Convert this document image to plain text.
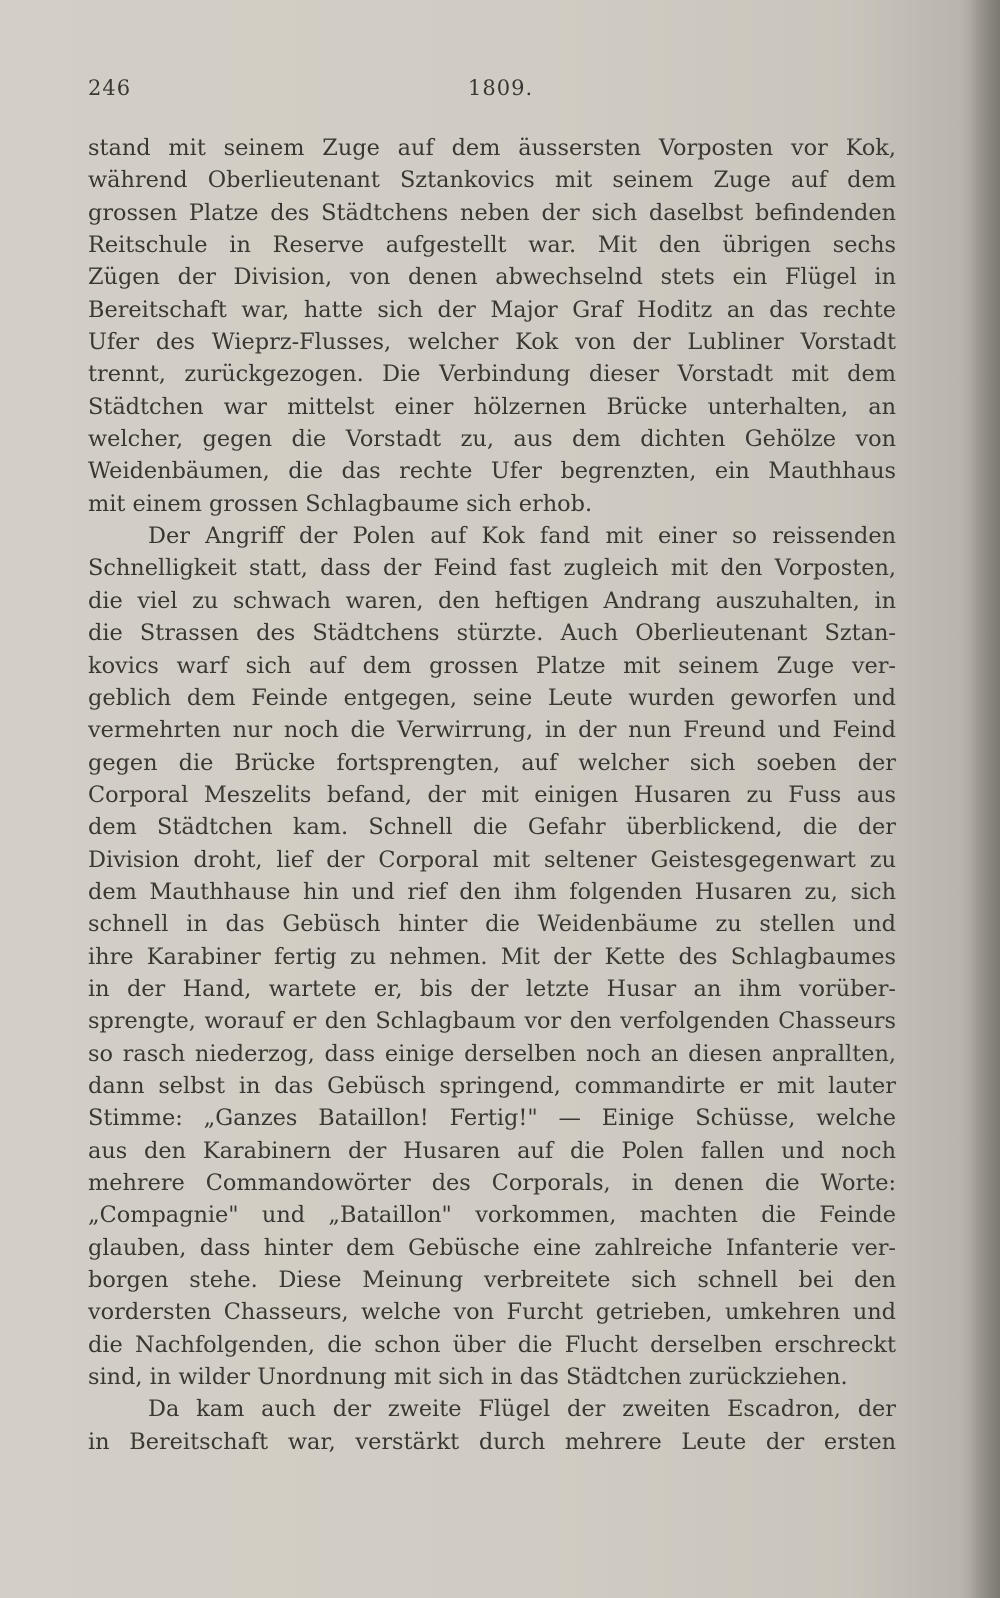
246	1809.
stand mit seinem Zuge auf dem äussersten Vorposten vor Kok,
während Oberlieutenant Sztankovics mit seinem Zuge auf dem
grossen Platze des Städtchens neben der sich daselbst befindenden
Reitschule in Reserve aufgestellt war. Mit den übrigen sechs
Zügen der Division, von denen abwechselnd stets ein Flügel in
Bereitschaft war, hatte sich der Major Graf Hoditz an das rechte
Ufer des Wieprz-Flusses, welcher Kok von der Lubliner Vorstadt
trennt, zurückgezogen. Die Verbindung dieser Vorstadt mit dem
Städtchen war mittelst einer hölzernen Brücke unterhalten, an
welcher, gegen die Vorstadt zu, aus dem dichten Gehölze von
Weidenbäumen, die das rechte Ufer begrenzten, ein Mauthhaus
mit einem grossen Schlagbaume sich erhob.
Der Angriff der Polen auf Kok fand mit einer so reissenden
Schnelligkeit statt, dass der Feind fast zugleich mit den Vorposten,
die viel zu schwach waren, den heftigen Andrang auszuhalten, in
die Strassen des Städtchens stürzte. Auch Oberlieutenant Sztan-
kovics warf sich auf dem grossen Platze mit seinem Zuge ver-
geblich dem Feinde entgegen, seine Leute wurden geworfen und
vermehrten nur noch die Verwirrung, in der nun Freund und Feind
gegen die Brücke fortsprengten, auf welcher sich soeben der
Corporal Meszelits befand, der mit einigen Husaren zu Fuss aus
dem Städtchen kam. Schnell die Gefahr überblickend, die der
Division droht, lief der Corporal mit seltener Geistesgegenwart zu
dem Mauthhause hin und rief den ihm folgenden Husaren zu, sich
schnell in das Gebüsch hinter die Weidenbäume zu stellen und
ihre Karabiner fertig zu nehmen. Mit der Kette des Schlagbaumes
in der Hand, wartete er, bis der letzte Husar an ihm vorüber-
sprengte, worauf er den Schlagbaum vor den verfolgenden Chasseurs
so rasch niederzog, dass einige derselben noch an diesen anprallten,
dann selbst in das Gebüsch springend, commandirte er mit lauter
Stimme: „Ganzes Bataillon! Fertig!" — Einige Schüsse, welche
aus den Karabinern der Husaren auf die Polen fallen und noch
mehrere Commandowörter des Corporals, in denen die Worte:
„Compagnie" und „Bataillon" vorkommen, machten die Feinde
glauben, dass hinter dem Gebüsche eine zahlreiche Infanterie ver-
borgen stehe. Diese Meinung verbreitete sich schnell bei den
vordersten Chasseurs, welche von Furcht getrieben, umkehren und
die Nachfolgenden, die schon über die Flucht derselben erschreckt
sind, in wilder Unordnung mit sich in das Städtchen zurückziehen.
Da kam auch der zweite Flügel der zweiten Escadron, der
in Bereitschaft war, verstärkt durch mehrere Leute der ersten
